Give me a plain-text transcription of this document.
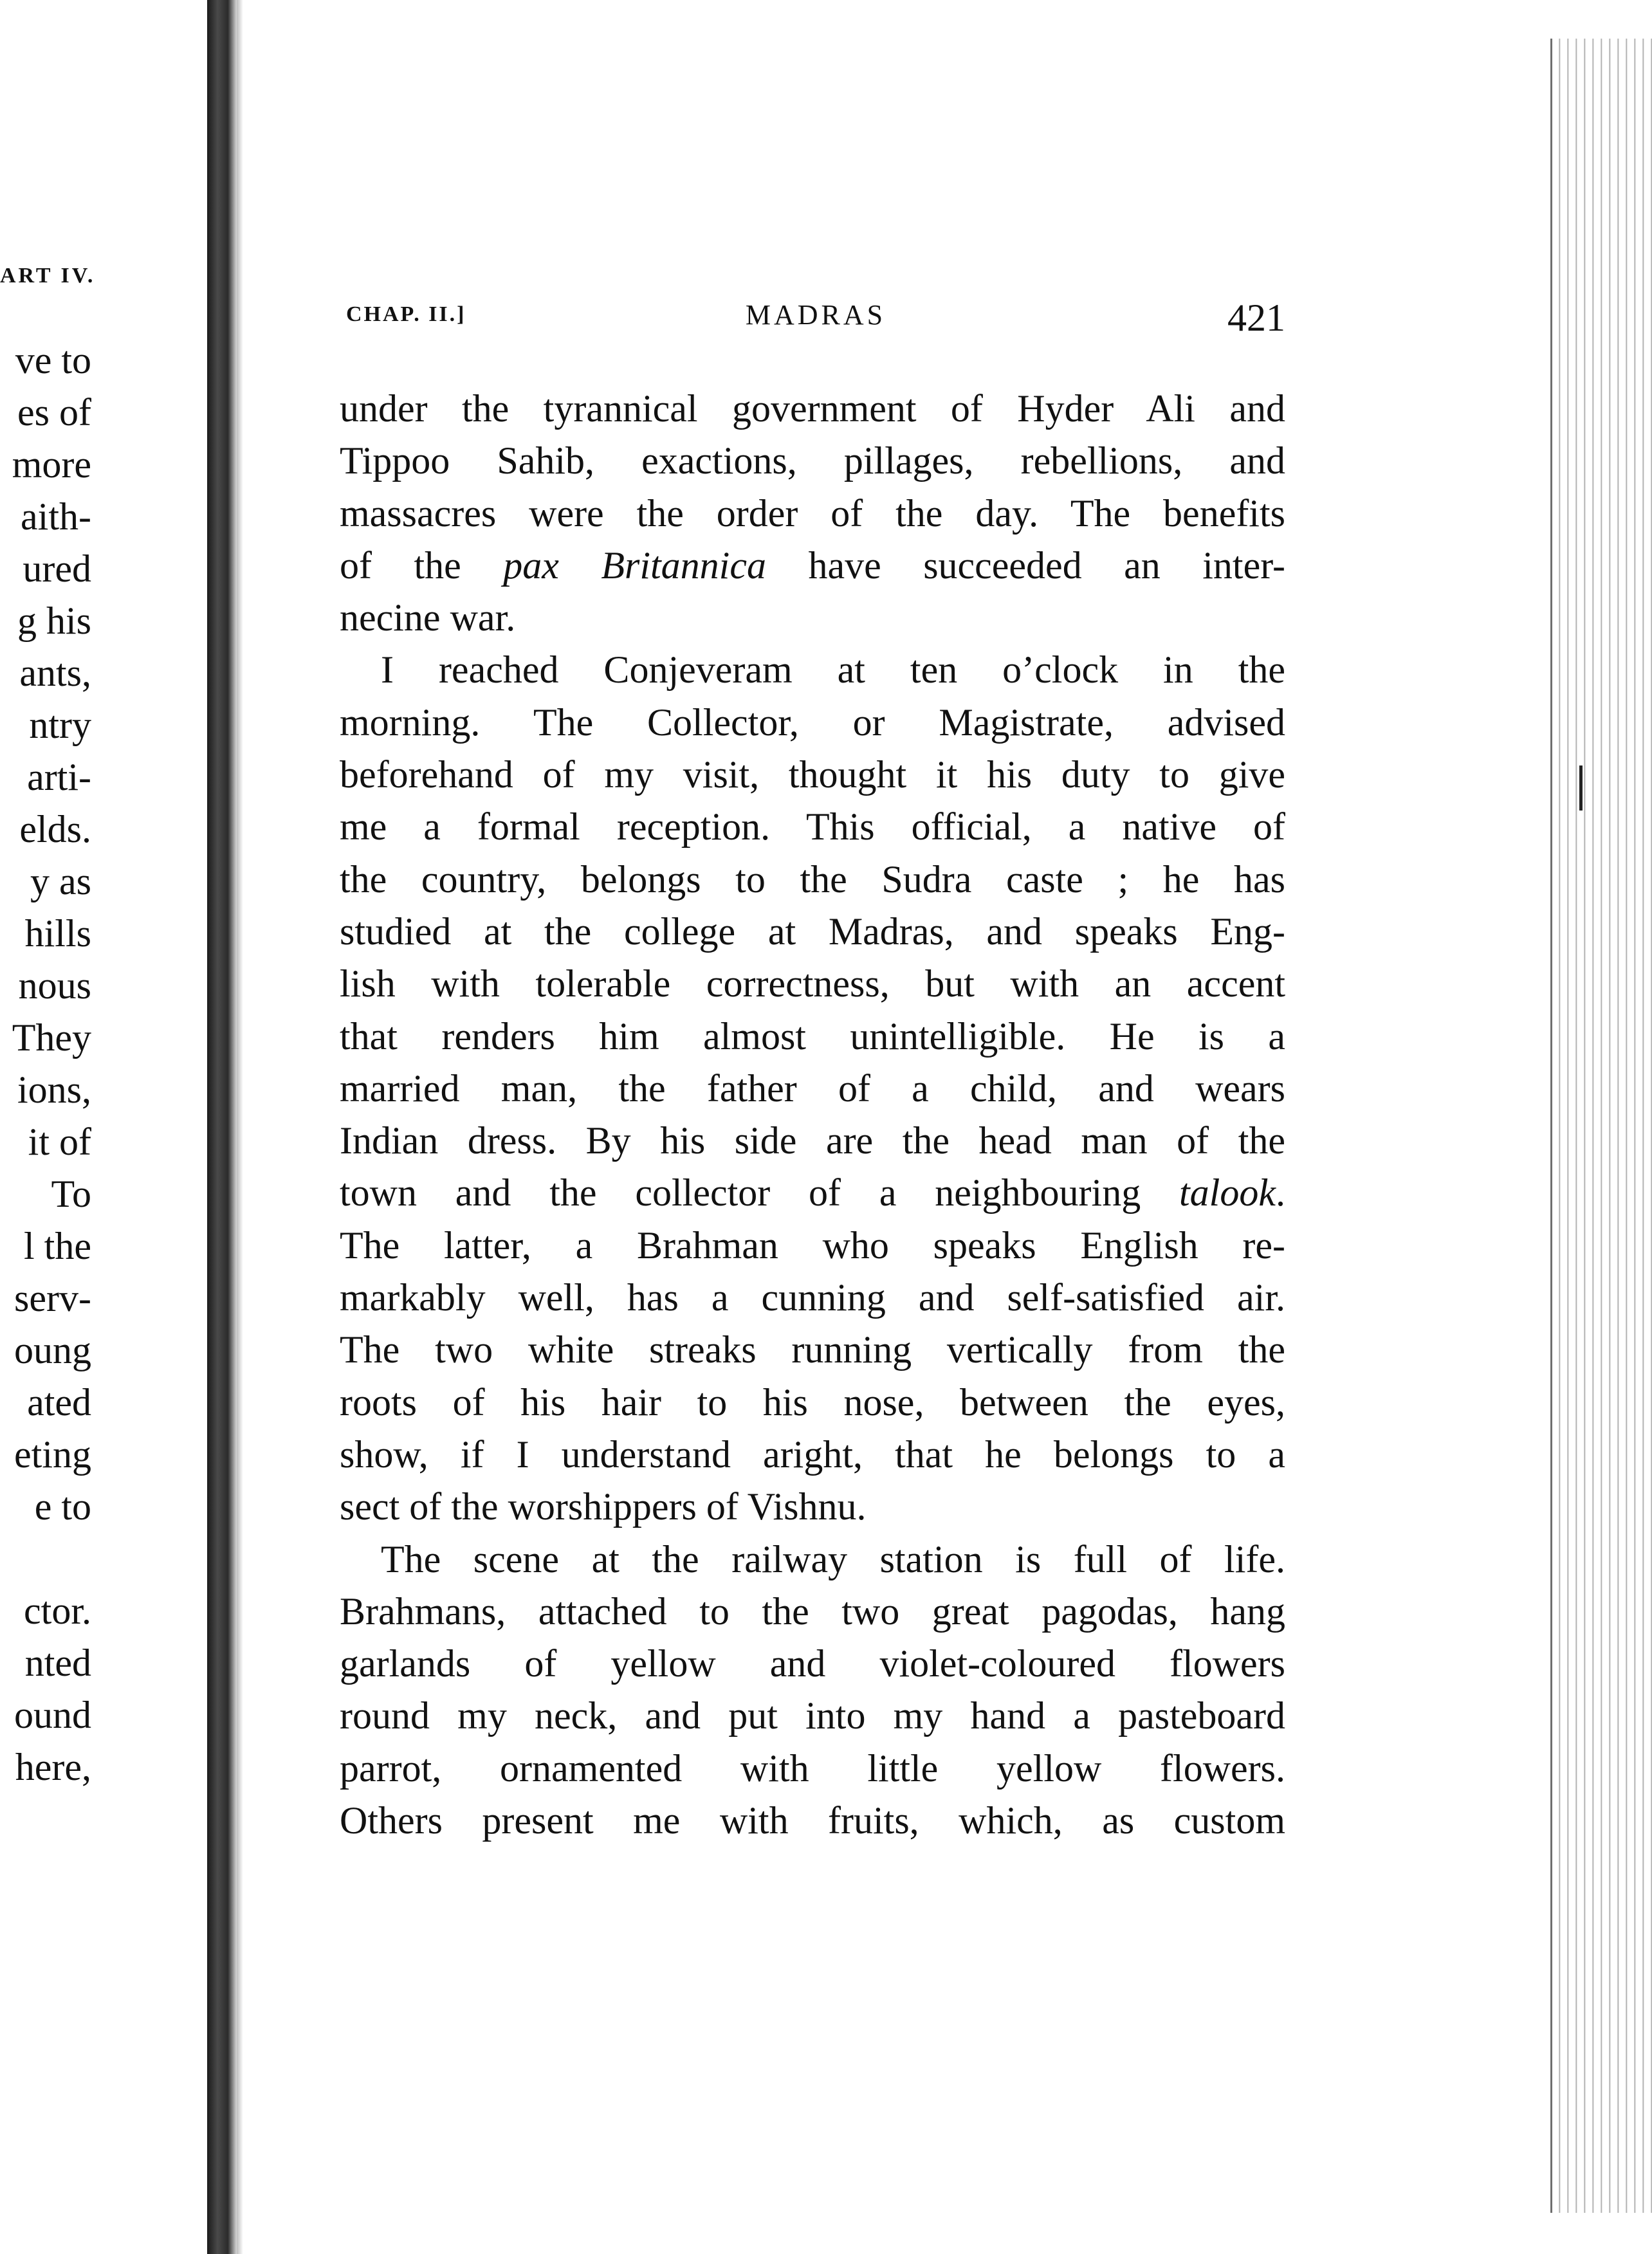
ART IV.
ve to
es of
more
aith-
ured
g his
ants,
ntry
arti-
elds.
y as
hills
nous
They
ions,
it of
To
l the
serv-
oung
ated
eting
e to

ctor.
nted
ound
here,
CHAP. II.]	MADRAS	421
under the tyrannical government of Hyder Ali and
Tippoo Sahib, exactions, pillages, rebellions, and
massacres were the order of the day. The benefits
of the pax Britannica have succeeded an inter-
necine war.
I reached Conjeveram at ten o’clock in the
morning. The Collector, or Magistrate, advised
beforehand of my visit, thought it his duty to give
me a formal reception. This official, a native of
the country, belongs to the Sudra caste ; he has
studied at the college at Madras, and speaks Eng-
lish with tolerable correctness, but with an accent
that renders him almost unintelligible. He is a
married man, the father of a child, and wears
Indian dress. By his side are the head man of the
town and the collector of a neighbouring talook.
The latter, a Brahman who speaks English re-
markably well, has a cunning and self-satisfied air.
The two white streaks running vertically from the
roots of his hair to his nose, between the eyes,
show, if I understand aright, that he belongs to a
sect of the worshippers of Vishnu.
The scene at the railway station is full of life.
Brahmans, attached to the two great pagodas, hang
garlands of yellow and violet-coloured flowers
round my neck, and put into my hand a pasteboard
parrot, ornamented with little yellow flowers.
Others present me with fruits, which, as custom
